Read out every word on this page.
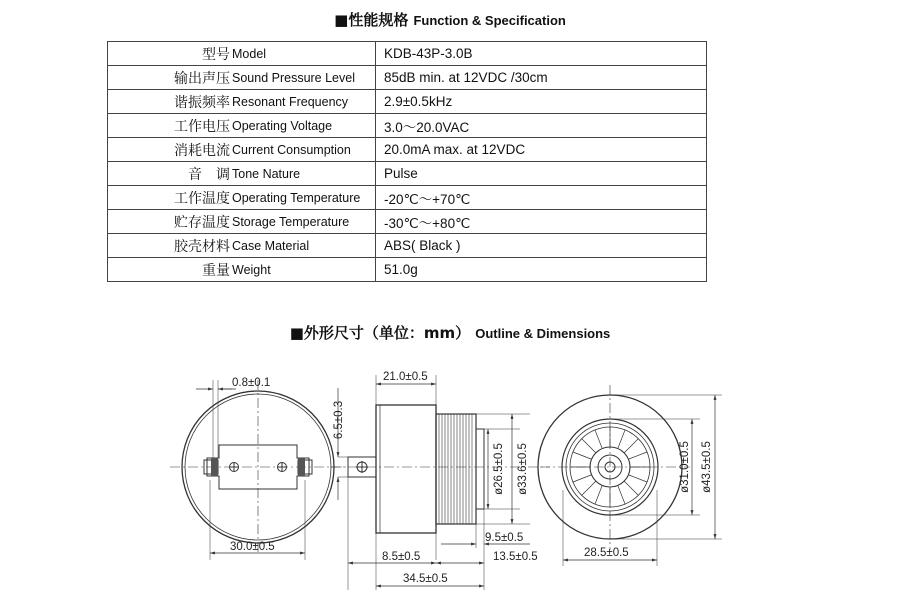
■性能规格 Function & Specification
型号 Model	KDB-43P-3.0B
输出声压 Sound Pressure Level	85dB min. at 12VDC /30cm
谐振频率 Resonant Frequency	2.9±0.5kHz
工作电压 Operating Voltage	3.0～20.0VAC
消耗电流 Current Consumption	20.0mA max. at 12VDC
音　调 Tone Nature	Pulse
工作温度 Operating Temperature	-20℃～+70℃
贮存温度 Storage Temperature	-30℃～+80℃
胶壳材料 Case Material	ABS( Black )
重量 Weight	51.0g
■外形尺寸（单位：mm） Outline & Dimensions
0.8±0.1
30.0±0.5
21.0±0.5
6.5±0.3
ø26.5±0.5 ø33.6±0.5
9.5±0.5
8.5±0.5	13.5±0.5
34.5±0.5
ø31.0±0.5 ø43.5±0.5
28.5±0.5
